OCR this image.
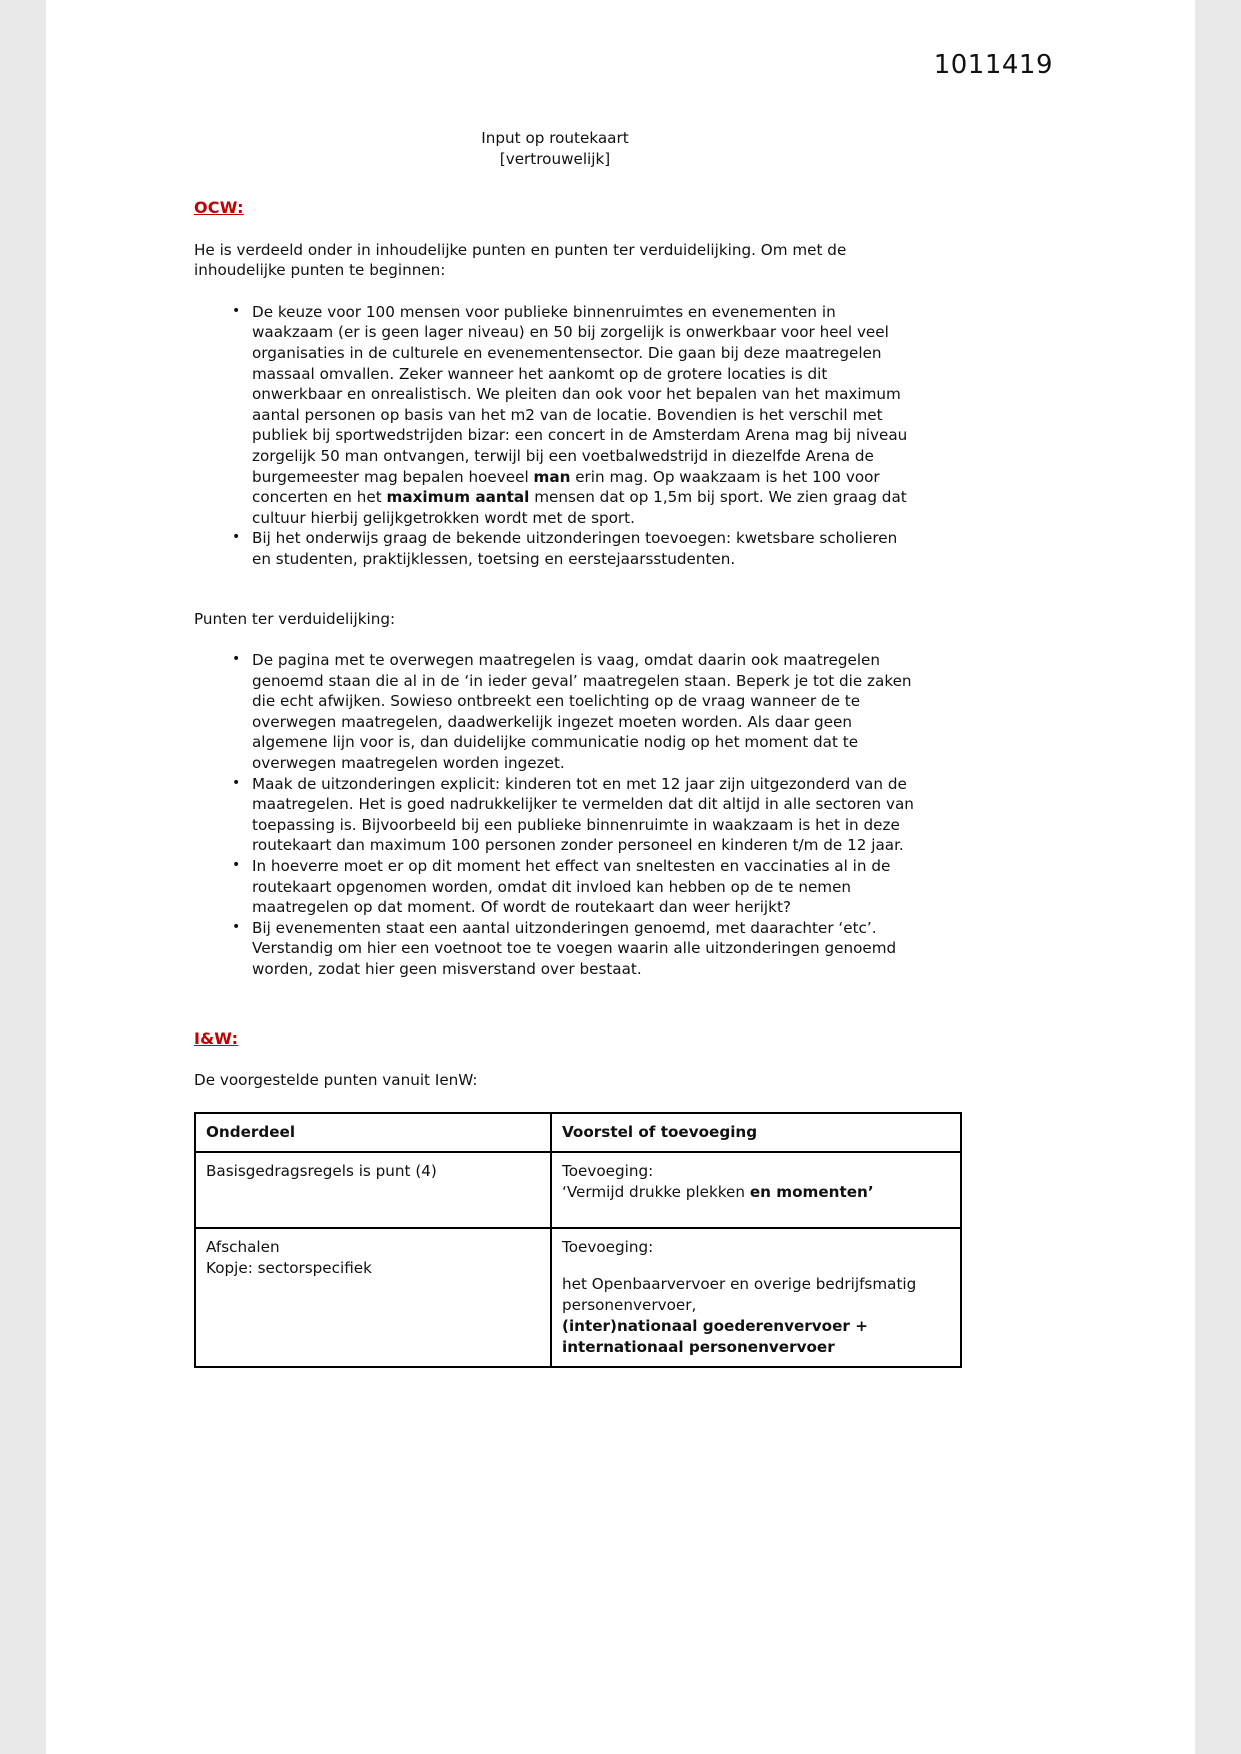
1011419
Input op routekaart
[vertrouwelijk]
OCW:

He is verdeeld onder in inhoudelijke punten en punten ter verduidelijking. Om met de inhoudelijke punten te beginnen:

• De keuze voor 100 mensen voor publieke binnenruimtes en evenementen in waakzaam (er is geen lager niveau) en 50 bij zorgelijk is onwerkbaar voor heel veel organisaties in de culturele en evenementensector. Die gaan bij deze maatregelen massaal omvallen. Zeker wanneer het aankomt op de grotere locaties is dit onwerkbaar en onrealistisch. We pleiten dan ook voor het bepalen van het maximum aantal personen op basis van het m2 van de locatie. Bovendien is het verschil met publiek bij sportwedstrijden bizar: een concert in de Amsterdam Arena mag bij niveau zorgelijk 50 man ontvangen, terwijl bij een voetbalwedstrijd in diezelfde Arena de burgemeester mag bepalen hoeveel man erin mag. Op waakzaam is het 100 voor concerten en het maximum aantal mensen dat op 1,5m bij sport. We zien graag dat cultuur hierbij gelijkgetrokken wordt met de sport.
• Bij het onderwijs graag de bekende uitzonderingen toevoegen: kwetsbare scholieren en studenten, praktijklessen, toetsing en eerstejaarsstudenten.

Punten ter verduidelijking:

• De pagina met te overwegen maatregelen is vaag, omdat daarin ook maatregelen genoemd staan die al in de ‘in ieder geval’ maatregelen staan. Beperk je tot die zaken die echt afwijken. Sowieso ontbreekt een toelichting op de vraag wanneer de te overwegen maatregelen, daadwerkelijk ingezet moeten worden. Als daar geen algemene lijn voor is, dan duidelijke communicatie nodig op het moment dat te overwegen maatregelen worden ingezet.
• Maak de uitzonderingen explicit: kinderen tot en met 12 jaar zijn uitgezonderd van de maatregelen. Het is goed nadrukkelijker te vermelden dat dit altijd in alle sectoren van toepassing is. Bijvoorbeeld bij een publieke binnenruimte in waakzaam is het in deze routekaart dan maximum 100 personen zonder personeel en kinderen t/m de 12 jaar.
• In hoeverre moet er op dit moment het effect van sneltesten en vaccinaties al in de routekaart opgenomen worden, omdat dit invloed kan hebben op de te nemen maatregelen op dat moment. Of wordt de routekaart dan weer herijkt?
• Bij evenementen staat een aantal uitzonderingen genoemd, met daarachter ‘etc’. Verstandig om hier een voetnoot toe te voegen waarin alle uitzonderingen genoemd worden, zodat hier geen misverstand over bestaat.
I&W:

De voorgestelde punten vanuit IenW:

Onderdeel	Voorstel of toevoeging

Basisgedragsregels is punt (4)	Toevoeging:
‘Vermijd drukke plekken en momenten’

Afschalen
Kopje: sectorspecifiek	Toevoeging:
het Openbaarvervoer en overige bedrijfsmatig personenvervoer,
(inter)nationaal goederenvervoer +
internationaal personenvervoer
